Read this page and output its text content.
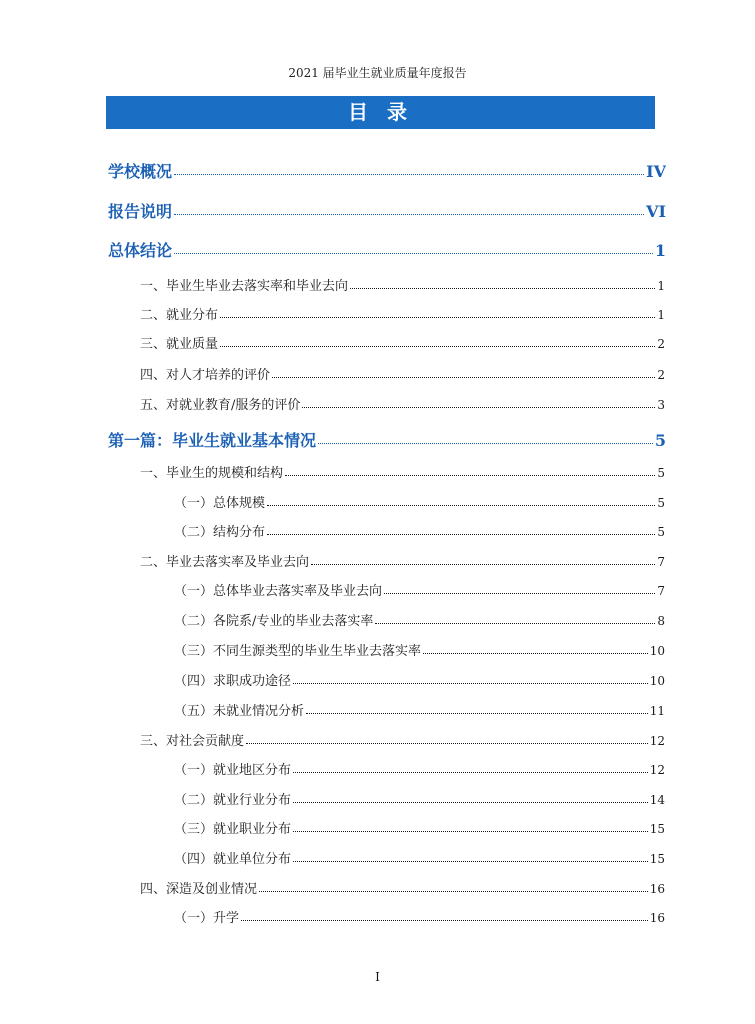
2021 届毕业生就业质量年度报告
目 录
学校概况	IV
报告说明	VI
总体结论	1
一、毕业生毕业去落实率和毕业去向	1
二、就业分布	1
三、就业质量	2
四、对人才培养的评价	2
五、对就业教育/服务的评价	3
第一篇：毕业生就业基本情况	5
一、毕业生的规模和结构	5
（一）总体规模	5
（二）结构分布	5
二、毕业去落实率及毕业去向	7
（一）总体毕业去落实率及毕业去向	7
（二）各院系/专业的毕业去落实率	8
（三）不同生源类型的毕业生毕业去落实率	10
（四）求职成功途径	10
（五）未就业情况分析	11
三、对社会贡献度	12
（一）就业地区分布	12
（二）就业行业分布	14
（三）就业职业分布	15
（四）就业单位分布	15
四、深造及创业情况	16
（一）升学	16
I
